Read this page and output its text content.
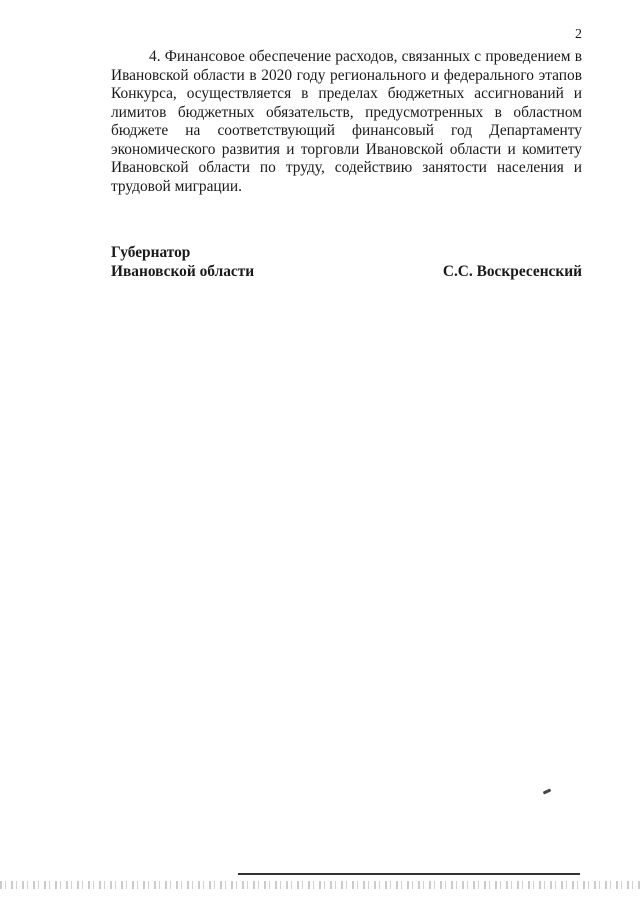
2

4. Финансовое обеспечение расходов, связанных с проведением в Ивановской области в 2020 году регионального и федерального этапов Конкурса, осуществляется в пределах бюджетных ассигнований и лимитов бюджетных обязательств, предусмотренных в областном бюджете на соответствующий финансовый год Департаменту экономического развития и торговли Ивановской области и комитету Ивановской области по труду, содействию занятости населения и трудовой миграции.

Губернатор
Ивановской области	С.С. Воскресенский
